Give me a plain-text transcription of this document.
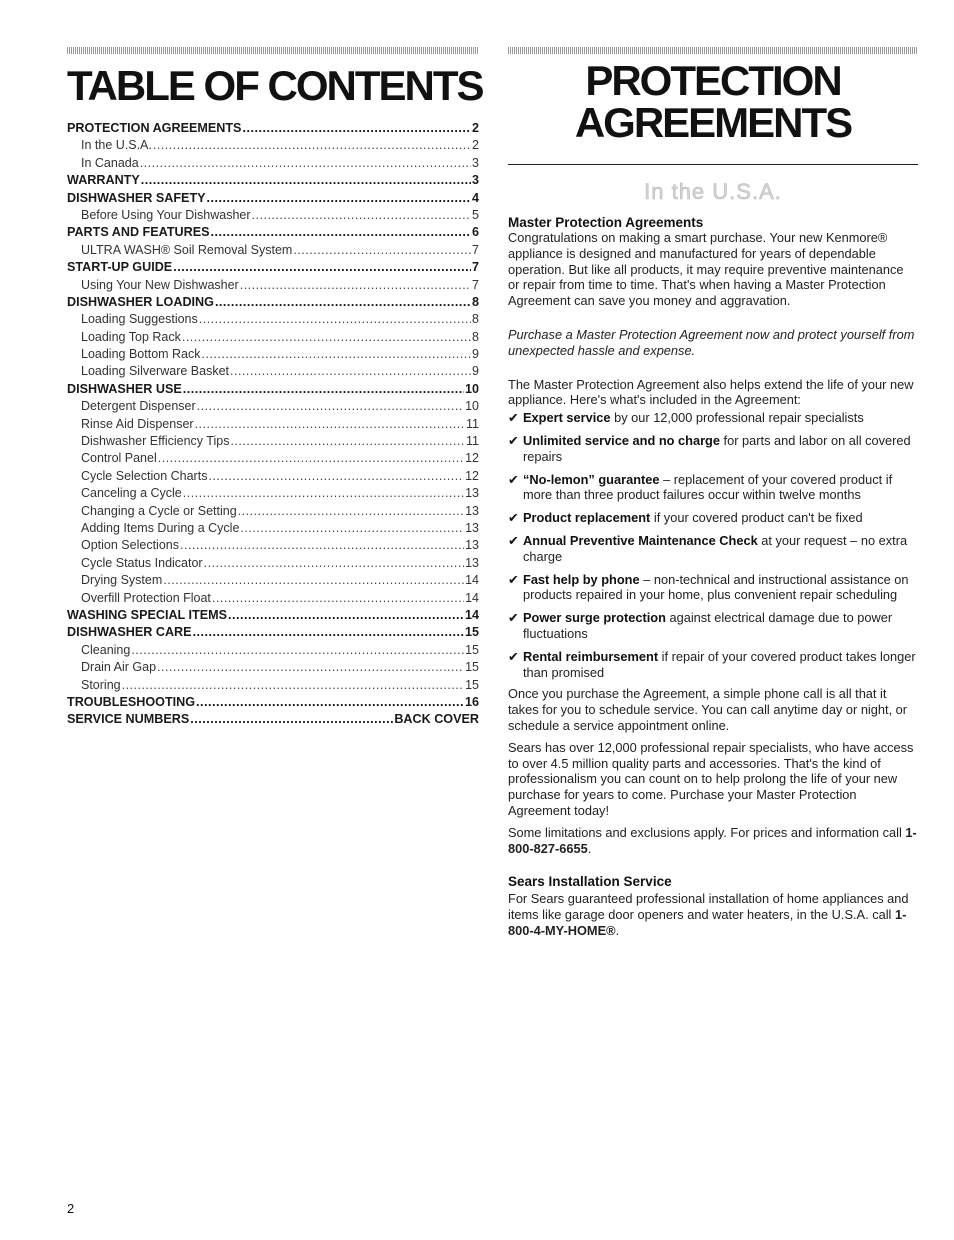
TABLE OF CONTENTS
PROTECTION AGREEMENTS .....	2
In the U.S.A. .....	2
In Canada .....	3
WARRANTY .....	3
DISHWASHER SAFETY .....	4
Before Using Your Dishwasher .....	5
PARTS AND FEATURES .....	6
ULTRA WASH® Soil Removal System .....	7
START-UP GUIDE .....	7
Using Your New Dishwasher .....	7
DISHWASHER LOADING .....	8
Loading Suggestions .....	8
Loading Top Rack .....	8
Loading Bottom Rack .....	9
Loading Silverware Basket .....	9
DISHWASHER USE .....	10
Detergent Dispenser .....	10
Rinse Aid Dispenser .....	11
Dishwasher Efficiency Tips .....	11
Control Panel .....	12
Cycle Selection Charts .....	12
Canceling a Cycle .....	13
Changing a Cycle or Setting .....	13
Adding Items During a Cycle .....	13
Option Selections .....	13
Cycle Status Indicator .....	13
Drying System .....	14
Overfill Protection Float .....	14
WASHING SPECIAL ITEMS .....	14
DISHWASHER CARE .....	15
Cleaning .....	15
Drain Air Gap .....	15
Storing .....	15
TROUBLESHOOTING .....	16
SERVICE NUMBERS .....	BACK COVER
PROTECTION
AGREEMENTS
In the U.S.A.
Master Protection Agreements

Congratulations on making a smart purchase. Your new Kenmore® appliance is designed and manufactured for years of dependable operation. But like all products, it may require preventive maintenance or repair from time to time. That's when having a Master Protection Agreement can save you money and aggravation.

Purchase a Master Protection Agreement now and protect yourself from unexpected hassle and expense.

The Master Protection Agreement also helps extend the life of your new appliance. Here's what's included in the Agreement:

✔ Expert service by our 12,000 professional repair specialists
✔ Unlimited service and no charge for parts and labor on all covered repairs
✔ “No-lemon” guarantee – replacement of your covered product if more than three product failures occur within twelve months
✔ Product replacement if your covered product can't be fixed
✔ Annual Preventive Maintenance Check at your request – no extra charge
✔ Fast help by phone – non-technical and instructional assistance on products repaired in your home, plus convenient repair scheduling
✔ Power surge protection against electrical damage due to power fluctuations
✔ Rental reimbursement if repair of your covered product takes longer than promised

Once you purchase the Agreement, a simple phone call is all that it takes for you to schedule service. You can call anytime day or night, or schedule a service appointment online.

Sears has over 12,000 professional repair specialists, who have access to over 4.5 million quality parts and accessories. That's the kind of professionalism you can count on to help prolong the life of your new purchase for years to come. Purchase your Master Protection Agreement today!

Some limitations and exclusions apply. For prices and information call 1-800-827-6655.

Sears Installation Service

For Sears guaranteed professional installation of home appliances and items like garage door openers and water heaters, in the U.S.A. call 1-800-4-MY-HOME®.

2
